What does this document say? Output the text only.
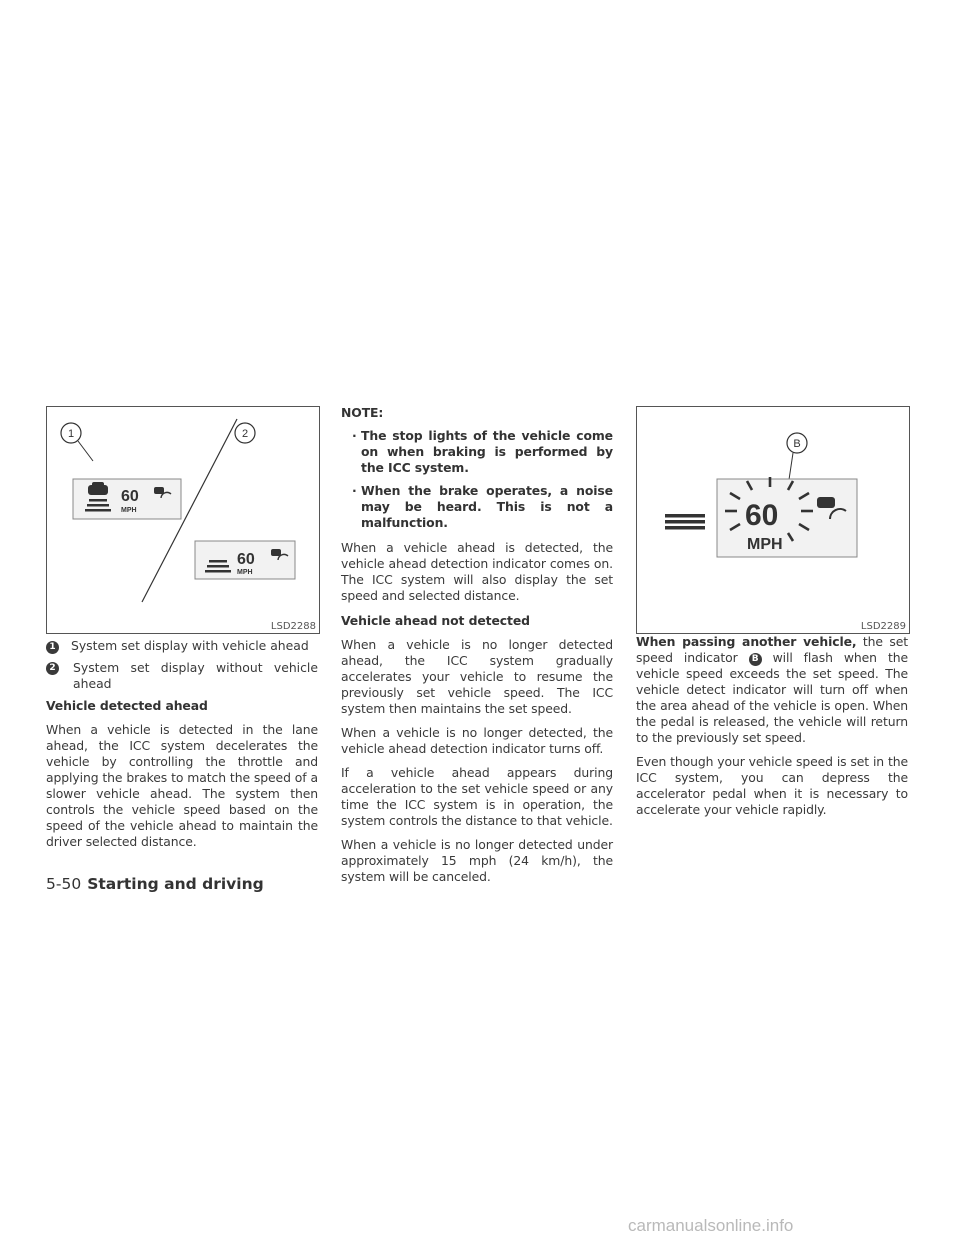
1	2
60
MPH
60
MPH
LSD2288
1 System set display with vehicle ahead
2 System set display without vehicle ahead

Vehicle detected ahead

When a vehicle is detected in the lane ahead, the ICC system decelerates the vehicle by controlling the throttle and applying the brakes to match the speed of a slower vehicle ahead. The system then controls the vehicle speed based on the speed of the vehicle ahead to maintain the driver selected distance.

NOTE:

· The stop lights of the vehicle come on when braking is performed by the ICC system.

· When the brake operates, a noise may be heard. This is not a malfunction.

When a vehicle ahead is detected, the vehicle ahead detection indicator comes on. The ICC system will also display the set speed and selected distance.

Vehicle ahead not detected

When a vehicle is no longer detected ahead, the ICC system gradually accelerates your vehicle to resume the previously set vehicle speed. The ICC system then maintains the set speed.

When a vehicle is no longer detected, the vehicle ahead detection indicator turns off.

If a vehicle ahead appears during acceleration to the set vehicle speed or any time the ICC system is in operation, the system controls the distance to that vehicle.

When a vehicle is no longer detected under approximately 15 mph (24 km/h), the system will be canceled.

B
60
MPH
LSD2289

When passing another vehicle, the set speed indicator B will flash when the vehicle speed exceeds the set speed. The vehicle detect indicator will turn off when the area ahead of the vehicle is open. When the pedal is released, the vehicle will return to the previously set speed.

Even though your vehicle speed is set in the ICC system, you can depress the accelerator pedal when it is necessary to accelerate your vehicle rapidly.

5-50 Starting and driving
carmanualsonline.info
